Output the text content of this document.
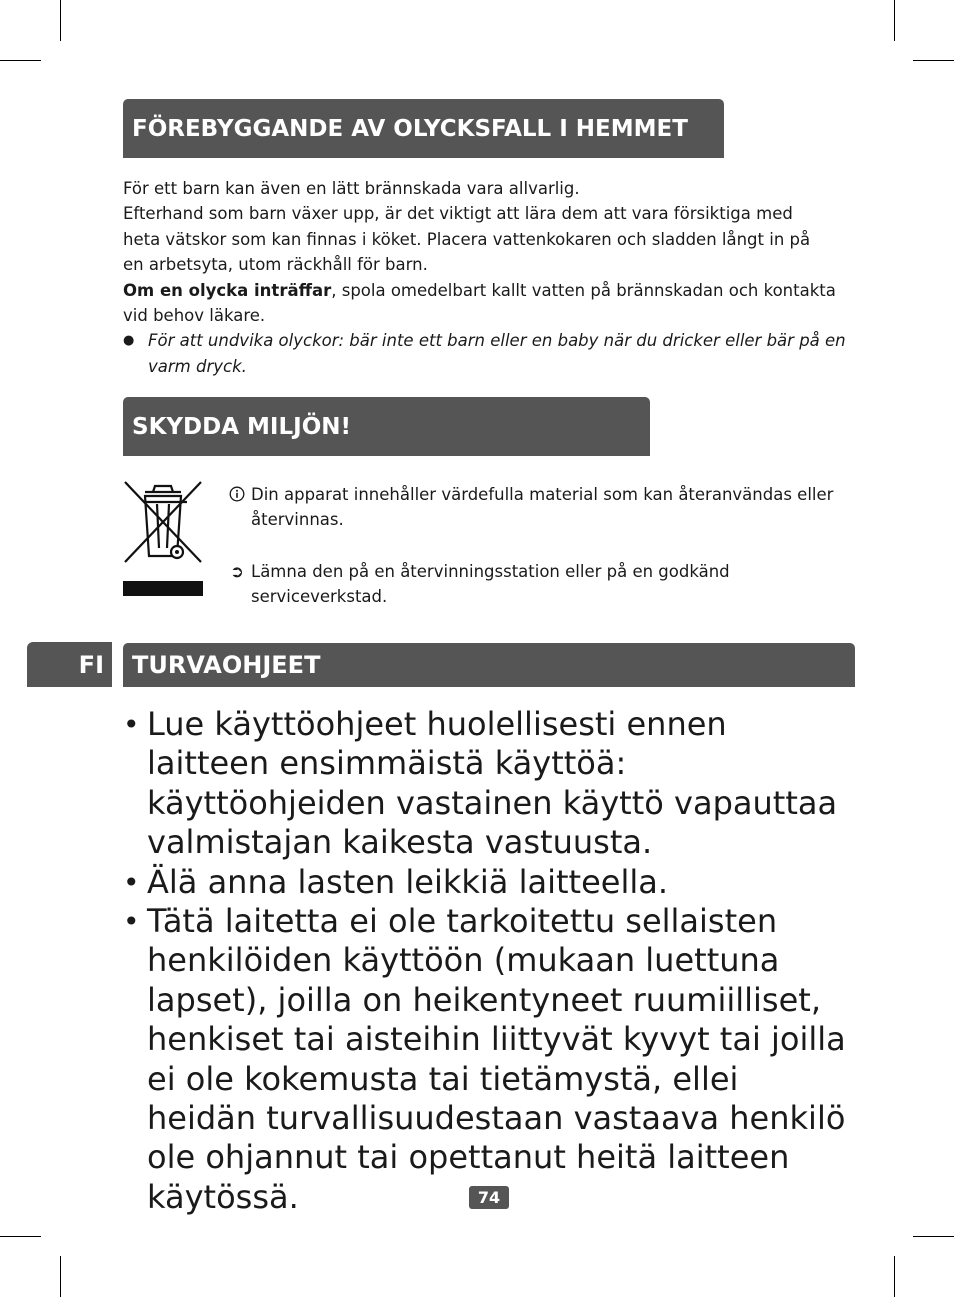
FÖREBYGGANDE AV OLYCKSFALL I HEMMET

För ett barn kan även en lätt brännskada vara allvarlig.

Efterhand som barn växer upp, är det viktigt att lära dem att vara försiktiga med heta vätskor som kan finnas i köket. Placera vattenkokaren och sladden långt in på en arbetsyta, utom räckhåll för barn.

Om en olycka inträffar, spola omedelbart kallt vatten på brännskadan och kontakta vid behov läkare.

● För att undvika olyckor: bär inte ett barn eller en baby när du dricker eller bär på en varm dryck.
SKYDDA MILJÖN!
Din apparat innehåller värdefulla material som kan återanvändas eller återvinnas.
➲ Lämna den på en återvinningsstation eller på en godkänd serviceverkstad.
FI TURVAOHJEET
• Lue käyttöohjeet huolellisesti ennen laitteen ensimmäistä käyttöä: käyttöohjeiden vastainen käyttö vapauttaa valmistajan kaikesta vastuusta.
• Älä anna lasten leikkiä laitteella.
• Tätä laitetta ei ole tarkoitettu sellaisten henkilöiden käyttöön (mukaan luettuna lapset), joilla on heikentyneet ruumiilliset, henkiset tai aisteihin liittyvät kyvyt tai joilla ei ole kokemusta tai tietämystä, ellei heidän turvallisuudestaan vastaava henkilö ole ohjannut tai opettanut heitä laitteen käytössä.	74
